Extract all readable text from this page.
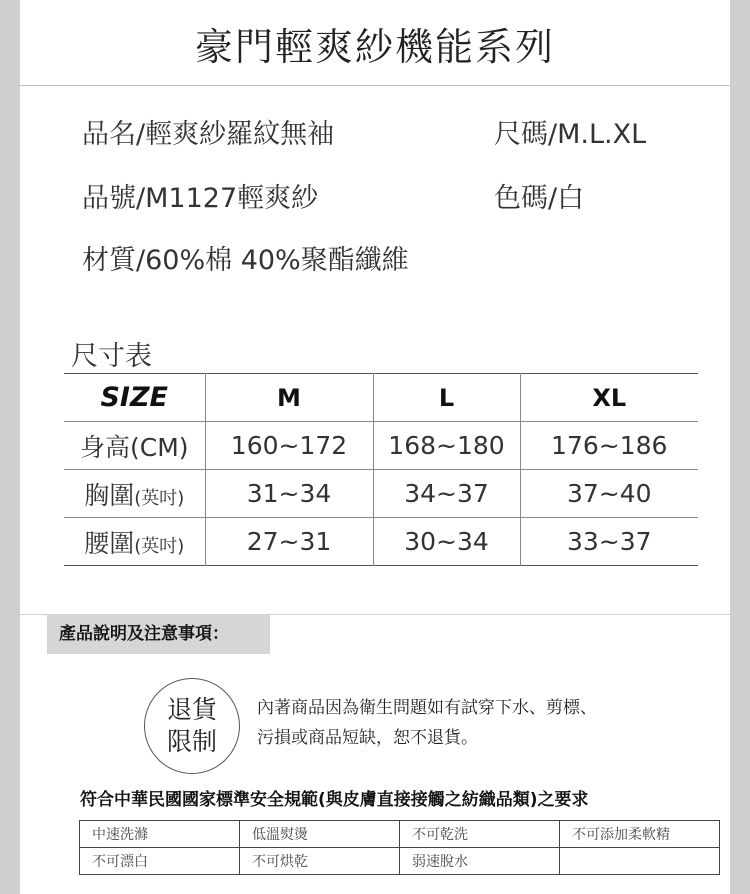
豪門輕爽紗機能系列
品名/輕爽紗羅紋無袖	尺碼/M.L.XL
品號/M1127輕爽紗	色碼/白
材質/60%棉 40%聚酯纖維
尺寸表
SIZE	M	L	XL
身高(CM)	160~172	168~180	176~186
胸圍(英吋)	31~34	34~37	37~40
腰圍(英吋)	27~31	30~34	33~37
產品說明及注意事項：
退貨
限制
內著商品因為衛生問題如有試穿下水、剪標、
污損或商品短缺，恕不退貨。
符合中華民國國家標準安全規範(與皮膚直接接觸之紡織品類)之要求
中速洗滌	低溫熨燙	不可乾洗	不可添加柔軟精
不可漂白	不可烘乾	弱速脫水	
